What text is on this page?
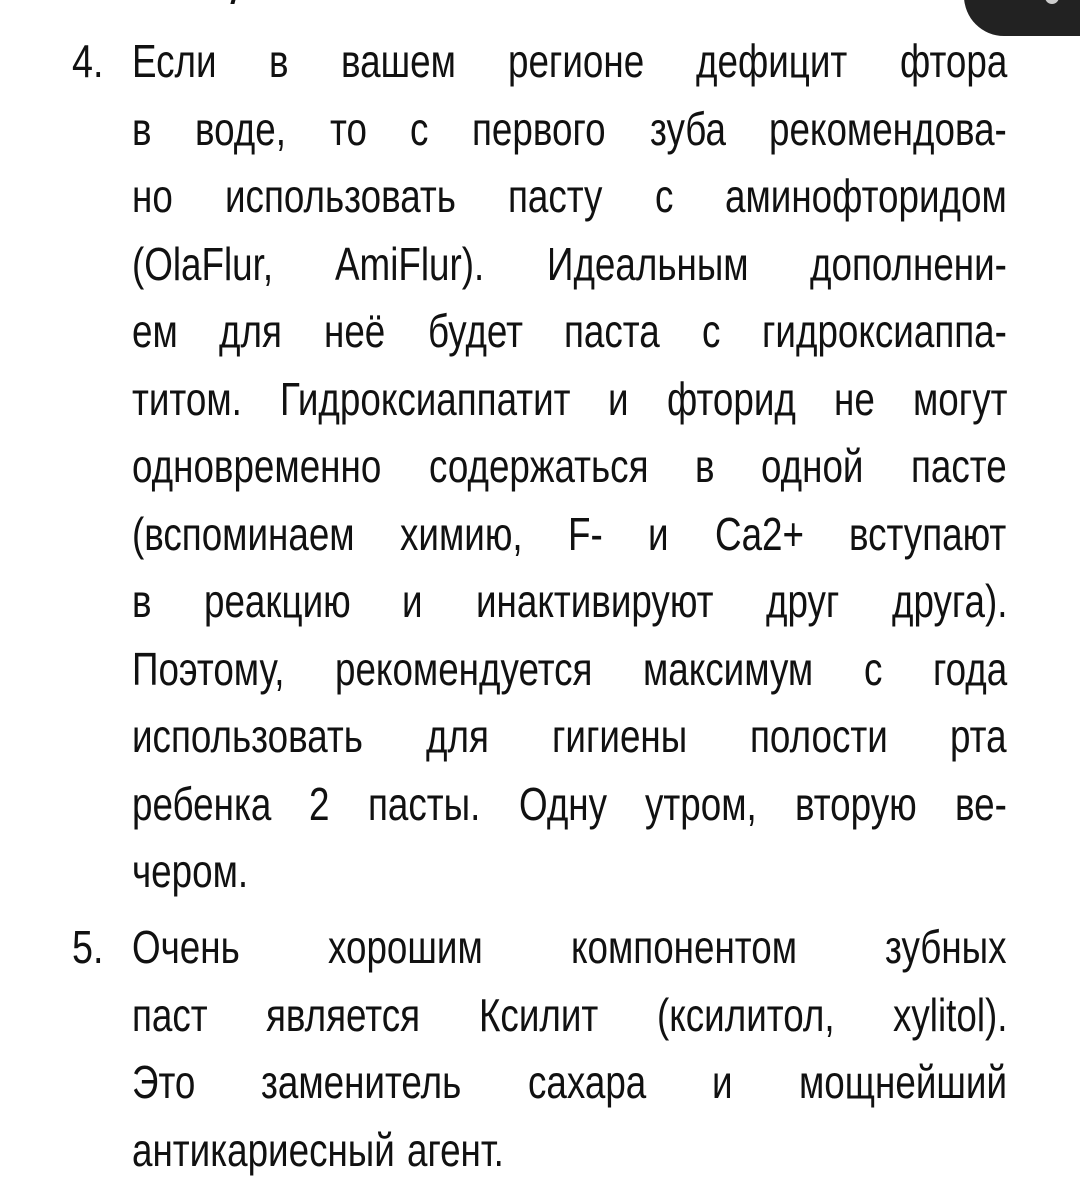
4. Если в вашем регионе дефицит фтора
в воде, то с первого зуба рекомендова-
но использовать пасту с аминофторидом
(OlaFlur, AmiFlur). Идеальным дополнени-
ем для неё будет паста с гидроксиаппа-
титом. Гидроксиаппатит и фторид не могут
одновременно содержаться в одной пасте
(вспоминаем химию, F- и Ca2+ вступают
в реакцию и инактивируют друг друга).
Поэтому, рекомендуется максимум с года
использовать для гигиены полости рта
ребенка 2 пасты. Одну утром, вторую ве-
чером.
5. Очень хорошим компонентом зубных
паст является Ксилит (ксилитол, xylitol).
Это заменитель сахара и мощнейший
антикариесный агент.
